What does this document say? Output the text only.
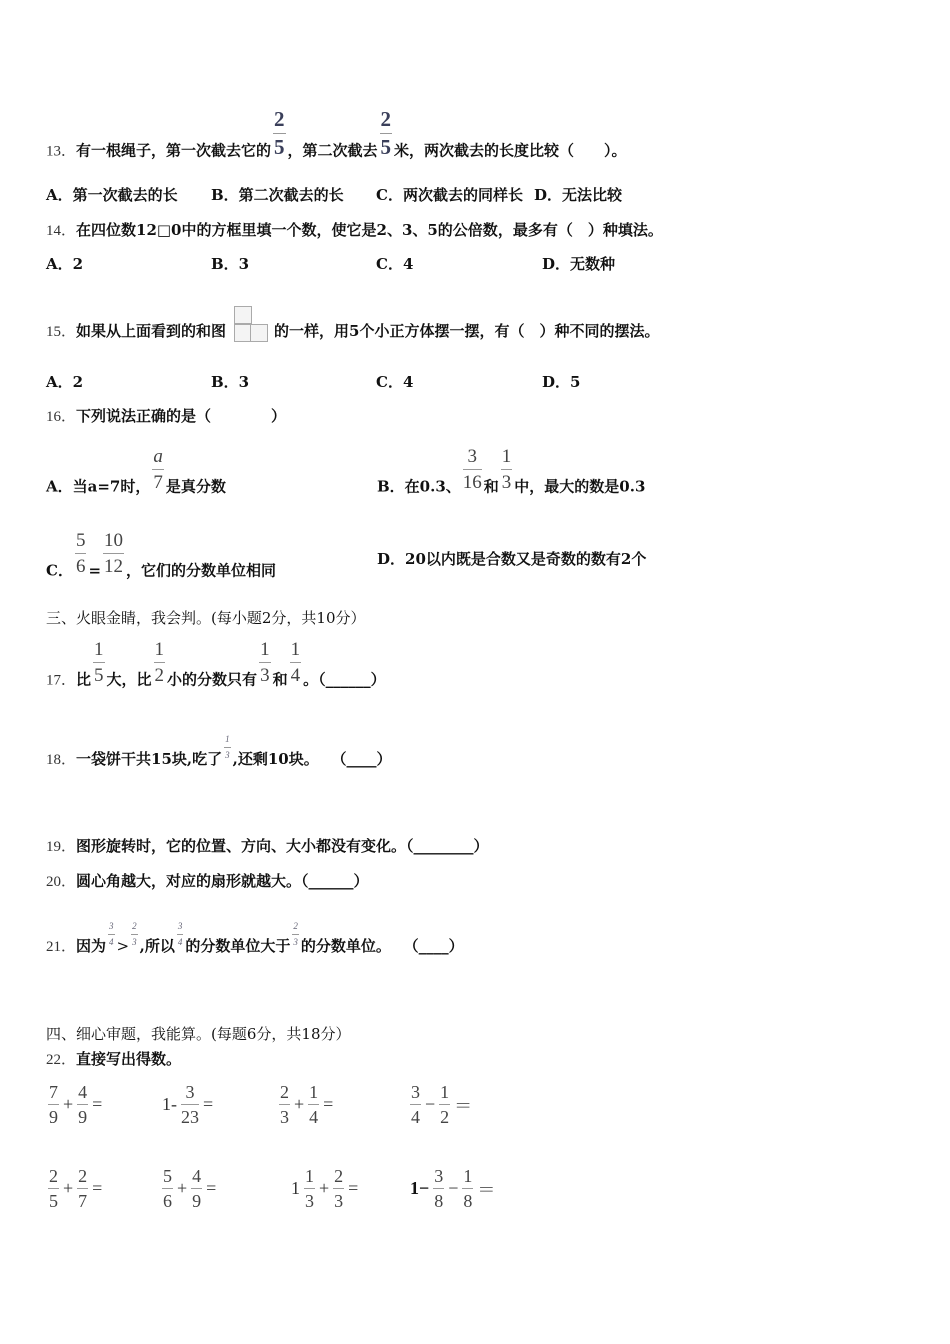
13．有一根绳子，第一次截去它的 $\frac{2}{5}$ ，第二次截去 $\frac{2}{5}$ 米，两次截去的长度比较（　　）。
A．第一次截去的长 B．第二次截去的长 C．两次截去的同样长 D．无法比较
14．在四位数12□0中的方框里填一个数，使它是2、3、5的公倍数，最多有（　）种填法。
A．2	B．3	C．4	D．无数种
15．如果从上面看到的和图	的一样，用5个小正方体摆一摆，有（　）种不同的摆法。
A．2	B．3	C．4	D．5
16．下列说法正确的是（　　　　）
A．当a=7时， $\frac{a}{7}$ 是真分数	B．在0.3、 $\frac{3}{16}$ 和 $\frac{1}{3}$ 中，最大的数是0.3
C． $\frac{5}{6} = \frac{10}{12}$ ，它们的分数单位相同
D．20以内既是合数又是奇数的数有2个
三、火眼金睛，我会判。(每小题2分，共10分）
17．比 $\frac{1}{5}$ 大，比 $\frac{1}{2}$ 小的分数只有 $\frac{1}{3}$ 和 $\frac{1}{4}$ 。（______）
18．一袋饼干共15块,吃了 $\frac{1}{3}$ ,还剩10块。　 （____）
19．图形旋转时，它的位置、方向、大小都没有变化。（________）
20．圆心角越大，对应的扇形就越大。（______）
21．因为 $\frac{3}{4} > \frac{2}{3}$ ,所以 $\frac{3}{4}$ 的分数单位大于 $\frac{2}{3}$ 的分数单位。　 （____）
四、细心审题，我能算。(每题6分，共18分）
22．直接写出得数。
$\frac{7}{9} + \frac{4}{9}$ =	$1- \frac{3}{23}$ =	$\frac{2}{3} + \frac{1}{4}$ =	$\frac{3}{4} - \frac{1}{2}$ ＝
$\frac{2}{5} + \frac{2}{7}$ =	$\frac{5}{6} + \frac{4}{9}$ =	$1 \frac{1}{3} + \frac{2}{3}$ =	$1- \frac{3}{8} - \frac{1}{8}$ ＝
